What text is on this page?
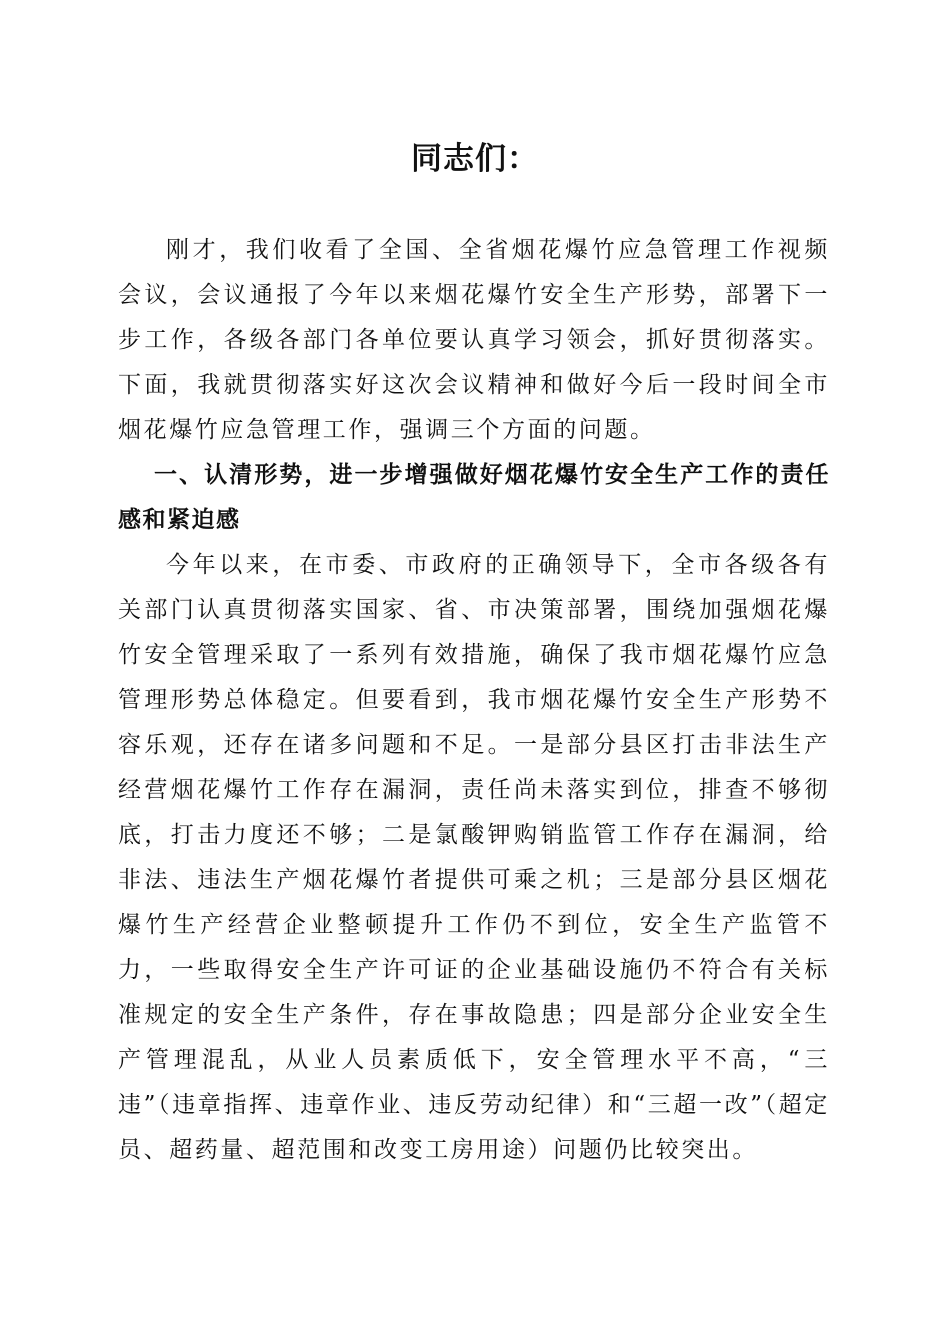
同志们：

刚才，我们收看了全国、全省烟花爆竹应急管理工作视频会议，会议通报了今年以来烟花爆竹安全生产形势，部署下一步工作，各级各部门各单位要认真学习领会，抓好贯彻落实。下面，我就贯彻落实好这次会议精神和做好今后一段时间全市烟花爆竹应急管理工作，强调三个方面的问题。

一、认清形势，进一步增强做好烟花爆竹安全生产工作的责任感和紧迫感

今年以来，在市委、市政府的正确领导下，全市各级各有关部门认真贯彻落实国家、省、市决策部署，围绕加强烟花爆竹安全管理采取了一系列有效措施，确保了我市烟花爆竹应急管理形势总体稳定。但要看到，我市烟花爆竹安全生产形势不容乐观，还存在诸多问题和不足。一是部分县区打击非法生产经营烟花爆竹工作存在漏洞，责任尚未落实到位，排查不够彻底，打击力度还不够；二是氯酸钾购销监管工作存在漏洞，给非法、违法生产烟花爆竹者提供可乘之机；三是部分县区烟花爆竹生产经营企业整顿提升工作仍不到位，安全生产监管不力，一些取得安全生产许可证的企业基础设施仍不符合有关标准规定的安全生产条件，存在事故隐患；四是部分企业安全生产管理混乱，从业人员素质低下，安全管理水平不高，“三违”（违章指挥、违章作业、违反劳动纪律）和“三超一改”（超定员、超药量、超范围和改变工房用途）问题仍比较突出。
